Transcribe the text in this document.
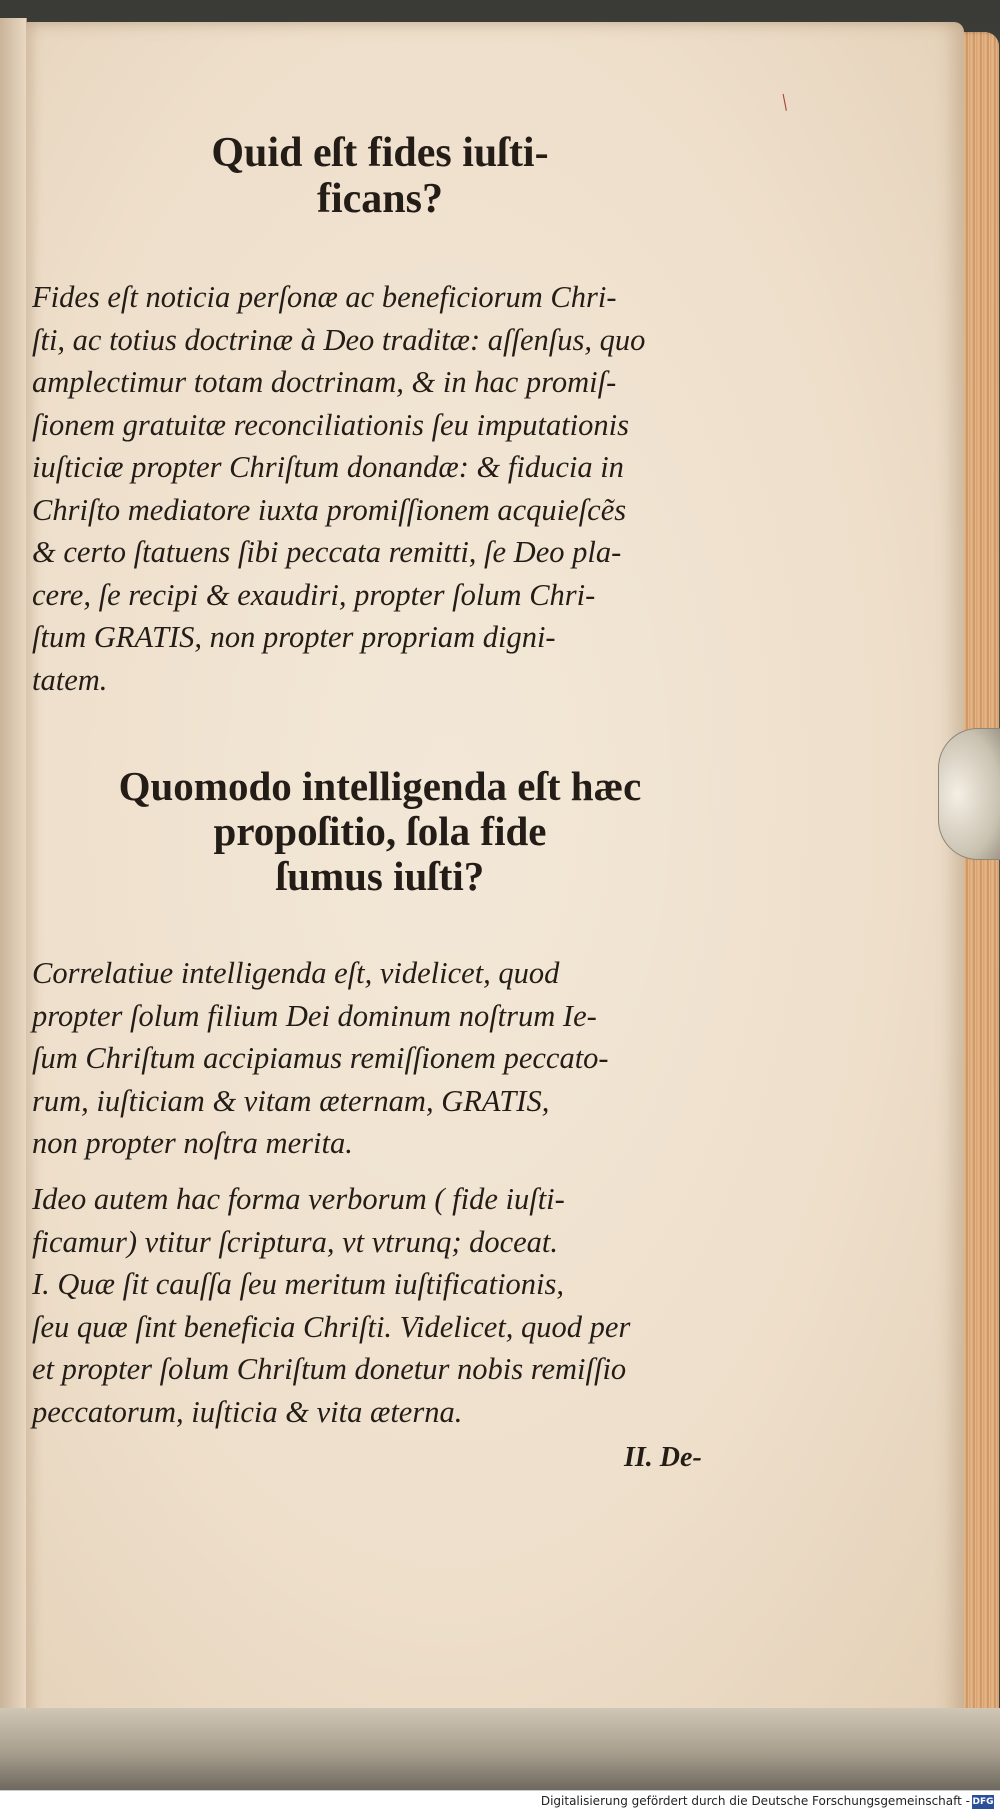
/
Quid eſt fides iuſti-
ficans?

Fides eſt noticia perſonæ ac beneficiorum Chri-
ſti, ac totius doctrinæ à Deo traditæ: aſſenſus, quo
amplectimur totam doctrinam, & in hac promiſ-
ſionem gratuitæ reconciliationis ſeu imputationis
iuſticiæ propter Chriſtum donandæ: & fiducia in
Chriſto mediatore iuxta promiſſionem acquieſcẽs
& certo ſtatuens ſibi peccata remitti, ſe Deo pla-
cere, ſe recipi & exaudiri, propter ſolum Chri-
ſtum GRATIS, non propter propriam digni-
tatem.

Quomodo intelligenda eſt hæc
propoſitio, ſola fide
ſumus iuſti?

Correlatiue intelligenda eſt, videlicet, quod
propter ſolum filium Dei dominum noſtrum Ie-
ſum Chriſtum accipiamus remiſſionem peccato-
rum, iuſticiam & vitam æternam, GRATIS,
non propter noſtra merita.

Ideo autem hac forma verborum ( fide iuſti-
ficamur) vtitur ſcriptura, vt vtrunq; doceat.
I. Quæ ſit cauſſa ſeu meritum iuſtificationis,
ſeu quæ ſint beneficia Chriſti. Videlicet, quod per
et propter ſolum Chriſtum donetur nobis remiſſio
peccatorum, iuſticia & vita æterna.

II. De-
Digitalisierung gefördert durch die Deutsche Forschungsgemeinschaft - DFG
